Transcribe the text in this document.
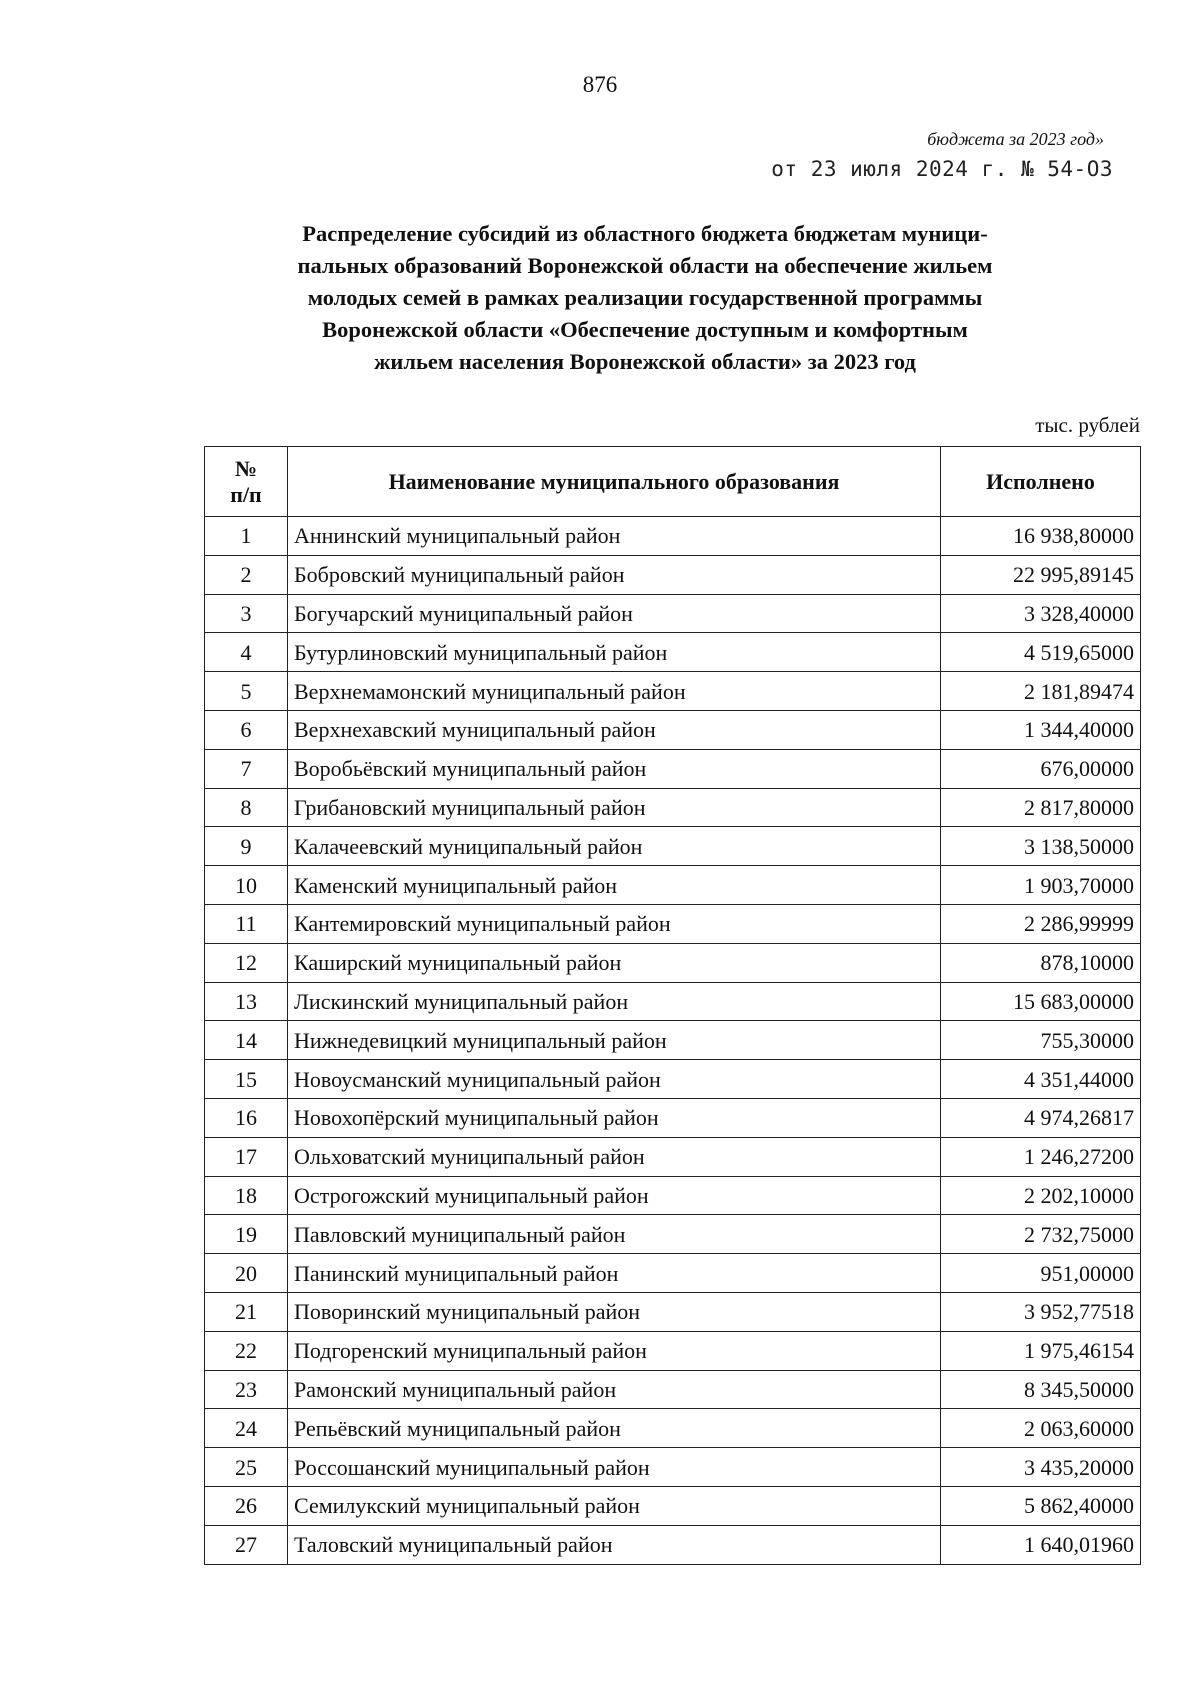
876
бюджета за 2023 год»
от 23 июля 2024 г. № 54-ОЗ
Распределение субсидий из областного бюджета бюджетам муници-
пальных образований Воронежской области на обеспечение жильем
молодых семей в рамках реализации государственной программы
Воронежской области «Обеспечение доступным и комфортным
жильем населения Воронежской области» за 2023 год
тыс. рублей
№
п/п	Наименование муниципального образования	Исполнено
1	Аннинский муниципальный район	16 938,80000
2	Бобровский муниципальный район	22 995,89145
3	Богучарский муниципальный район	3 328,40000
4	Бутурлиновский муниципальный район	4 519,65000
5	Верхнемамонский муниципальный район	2 181,89474
6	Верхнехавский муниципальный район	1 344,40000
7	Воробьёвский муниципальный район	676,00000
8	Грибановский муниципальный район	2 817,80000
9	Калачеевский муниципальный район	3 138,50000
10	Каменский муниципальный район	1 903,70000
11	Кантемировский муниципальный район	2 286,99999
12	Каширский муниципальный район	878,10000
13	Лискинский муниципальный район	15 683,00000
14	Нижнедевицкий муниципальный район	755,30000
15	Новоусманский муниципальный район	4 351,44000
16	Новохопёрский муниципальный район	4 974,26817
17	Ольховатский муниципальный район	1 246,27200
18	Острогожский муниципальный район	2 202,10000
19	Павловский муниципальный район	2 732,75000
20	Панинский муниципальный район	951,00000
21	Поворинский муниципальный район	3 952,77518
22	Подгоренский муниципальный район	1 975,46154
23	Рамонский муниципальный район	8 345,50000
24	Репьёвский муниципальный район	2 063,60000
25	Россошанский муниципальный район	3 435,20000
26	Семилукский муниципальный район	5 862,40000
27	Таловский муниципальный район	1 640,01960
